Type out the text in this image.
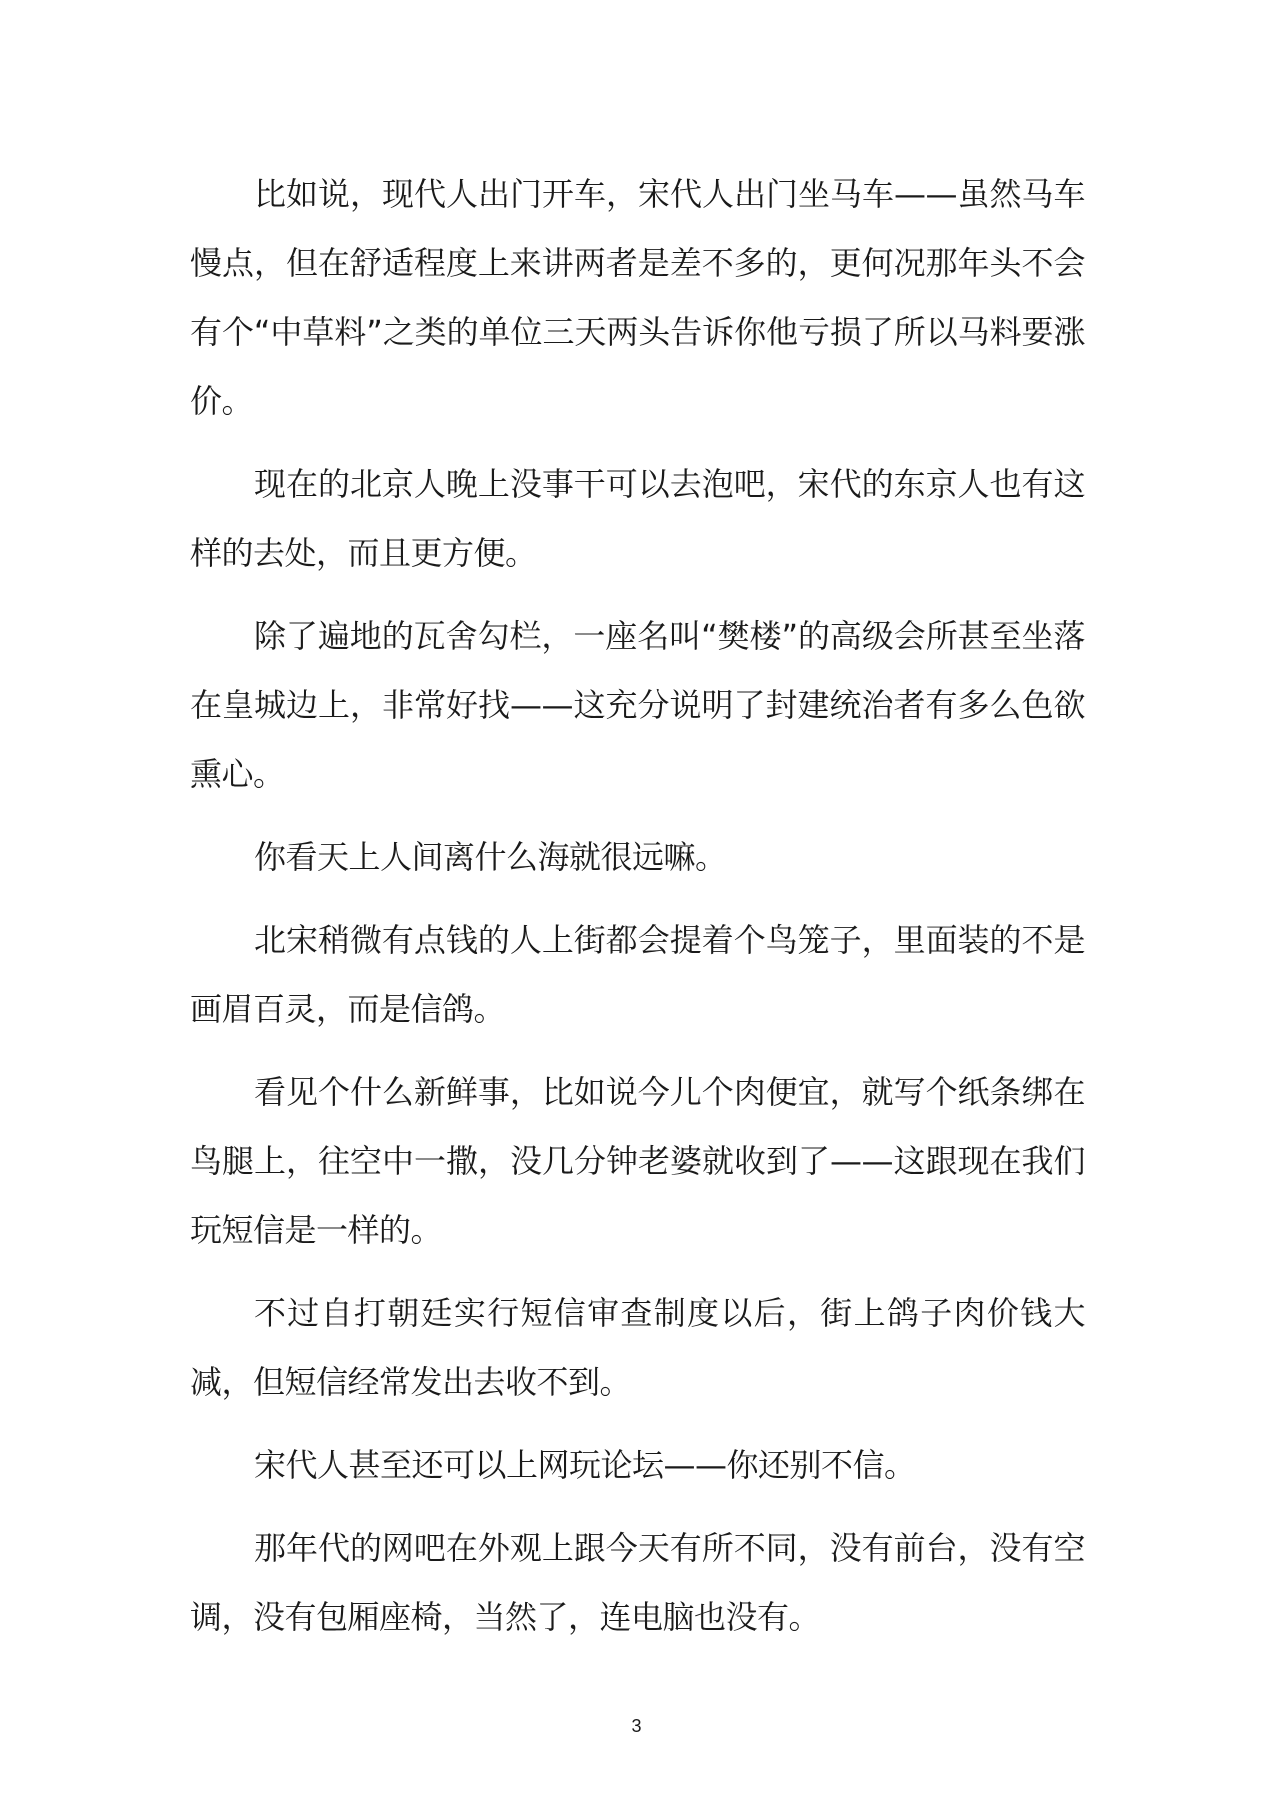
比如说，现代人出门开车，宋代人出门坐马车——虽然马车慢点，但在舒适程度上来讲两者是差不多的，更何况那年头不会有个“中草料”之类的单位三天两头告诉你他亏损了所以马料要涨价。

现在的北京人晚上没事干可以去泡吧，宋代的东京人也有这样的去处，而且更方便。

除了遍地的瓦舍勾栏，一座名叫“樊楼”的高级会所甚至坐落在皇城边上，非常好找——这充分说明了封建统治者有多么色欲熏心。

你看天上人间离什么海就很远嘛。

北宋稍微有点钱的人上街都会提着个鸟笼子，里面装的不是画眉百灵，而是信鸽。

看见个什么新鲜事，比如说今儿个肉便宜，就写个纸条绑在鸟腿上，往空中一撒，没几分钟老婆就收到了——这跟现在我们玩短信是一样的。

不过自打朝廷实行短信审查制度以后，街上鸽子肉价钱大减，但短信经常发出去收不到。

宋代人甚至还可以上网玩论坛——你还别不信。

那年代的网吧在外观上跟今天有所不同，没有前台，没有空调，没有包厢座椅，当然了，连电脑也没有。

3
